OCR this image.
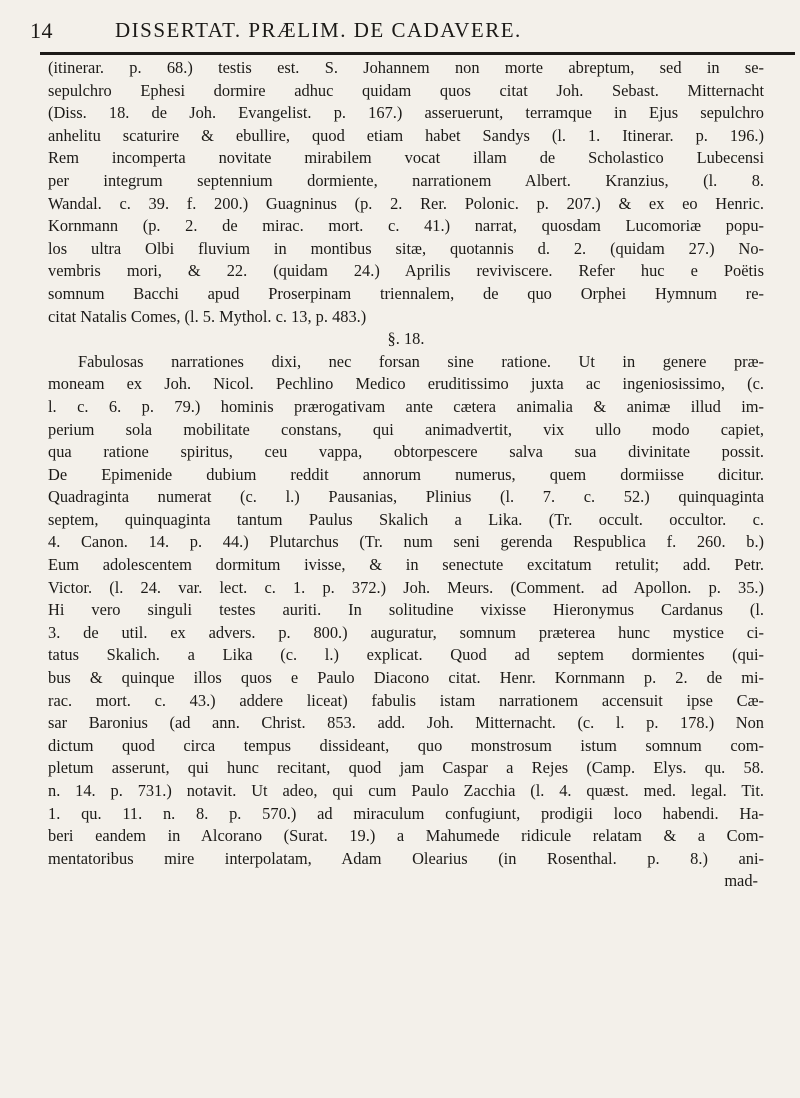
14	DISSERTAT. PRÆLIM. DE CADAVERE.
(itinerar. p. 68.) testis est. S. Johannem non morte abreptum, sed in se-
sepulchro Ephesi dormire adhuc quidam quos citat Joh. Sebast. Mitternacht
(Diss. 18. de Joh. Evangelist. p. 167.) asseruerunt, terramque in Ejus sepulchro
anhelitu scaturire & ebullire, quod etiam habet Sandys (l. 1. Itinerar. p. 196.)
Rem incomperta novitate mirabilem vocat illam de Scholastico Lubecensi
per integrum septennium dormiente, narrationem Albert. Kranzius, (l. 8.
Wandal. c. 39. f. 200.) Guagninus (p. 2. Rer. Polonic. p. 207.) & ex eo Henric.
Kornmann (p. 2. de mirac. mort. c. 41.) narrat, quosdam Lucomoriæ popu-
los ultra Olbi fluvium in montibus sitæ, quotannis d. 2. (quidam 27.) No-
vembris mori, & 22. (quidam 24.) Aprilis reviviscere. Refer huc e Poëtis
somnum Bacchi apud Proserpinam triennalem, de quo Orphei Hymnum re-
citat Natalis Comes, (l. 5. Mythol. c. 13, p. 483.)
§. 18.
Fabulosas narrationes dixi, nec forsan sine ratione. Ut in genere præ-
moneam ex Joh. Nicol. Pechlino Medico eruditissimo juxta ac ingeniosissimo, (c.
l. c. 6. p. 79.) hominis prærogativam ante cætera animalia & animæ illud im-
perium sola mobilitate constans, qui animadvertit, vix ullo modo capiet,
qua ratione spiritus, ceu vappa, obtorpescere salva sua divinitate possit.
De Epimenide dubium reddit annorum numerus, quem dormiisse dicitur.
Quadraginta numerat (c. l.) Pausanias, Plinius (l. 7. c. 52.) quinquaginta
septem, quinquaginta tantum Paulus Skalich a Lika. (Tr. occult. occultor. c.
4. Canon. 14. p. 44.) Plutarchus (Tr. num seni gerenda Respublica f. 260. b.)
Eum adolescentem dormitum ivisse, & in senectute excitatum retulit; add. Petr.
Victor. (l. 24. var. lect. c. 1. p. 372.) Joh. Meurs. (Comment. ad Apollon. p. 35.)
Hi vero singuli testes auriti. In solitudine vixisse Hieronymus Cardanus (l.
3. de util. ex advers. p. 800.) auguratur, somnum præterea hunc mystice ci-
tatus Skalich. a Lika (c. l.) explicat. Quod ad septem dormientes (qui-
bus & quinque illos quos e Paulo Diacono citat. Henr. Kornmann p. 2. de mi-
rac. mort. c. 43.) addere liceat) fabulis istam narrationem accensuit ipse Cæ-
sar Baronius (ad ann. Christ. 853. add. Joh. Mitternacht. (c. l. p. 178.) Non
dictum quod circa tempus dissideant, quo monstrosum istum somnum com-
pletum asserunt, qui hunc recitant, quod jam Caspar a Rejes (Camp. Elys. qu. 58.
n. 14. p. 731.) notavit. Ut adeo, qui cum Paulo Zacchia (l. 4. quæst. med. legal. Tit.
1. qu. 11. n. 8. p. 570.) ad miraculum confugiunt, prodigii loco habendi. Ha-
beri eandem in Alcorano (Surat. 19.) a Mahumede ridicule relatam & a Com-
mentatoribus mire interpolatam, Adam Olearius (in Rosenthal. p. 8.) ani-
mad-
